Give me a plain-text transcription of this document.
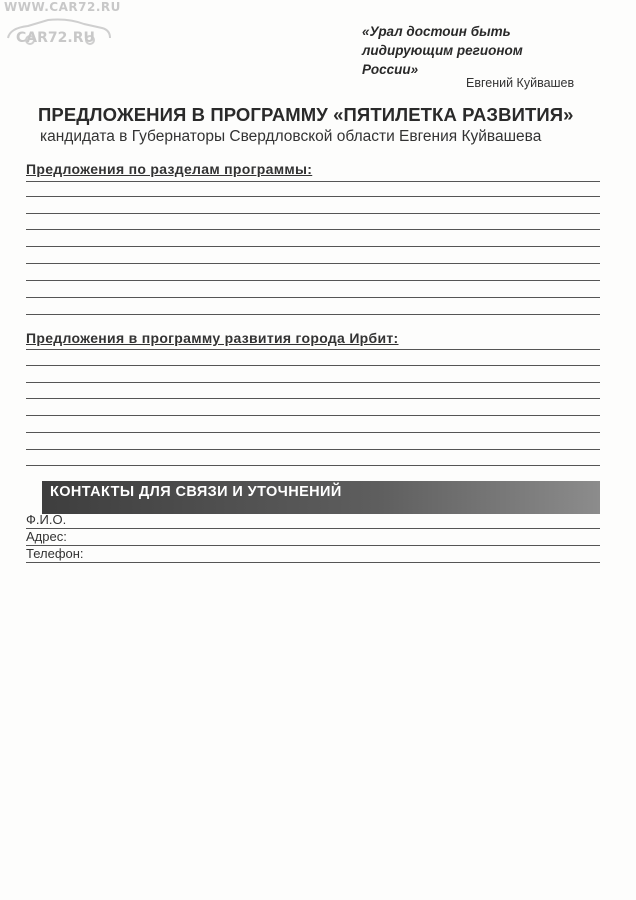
WWW.CAR72.RU
CAR72.RU	«Урал достоин быть
лидирующим регионом
России»
Евгений Куйвашев
ПРЕДЛОЖЕНИЯ В ПРОГРАММУ «ПЯТИЛЕТКА РАЗВИТИЯ»
кандидата в Губернаторы Свердловской области Евгения Куйвашева
Предложения по разделам программы:
Предложения в программу развития города Ирбит:
КОНТАКТЫ ДЛЯ СВЯЗИ И УТОЧНЕНИЙ
Ф.И.О.
Адрес:
Телефон:
